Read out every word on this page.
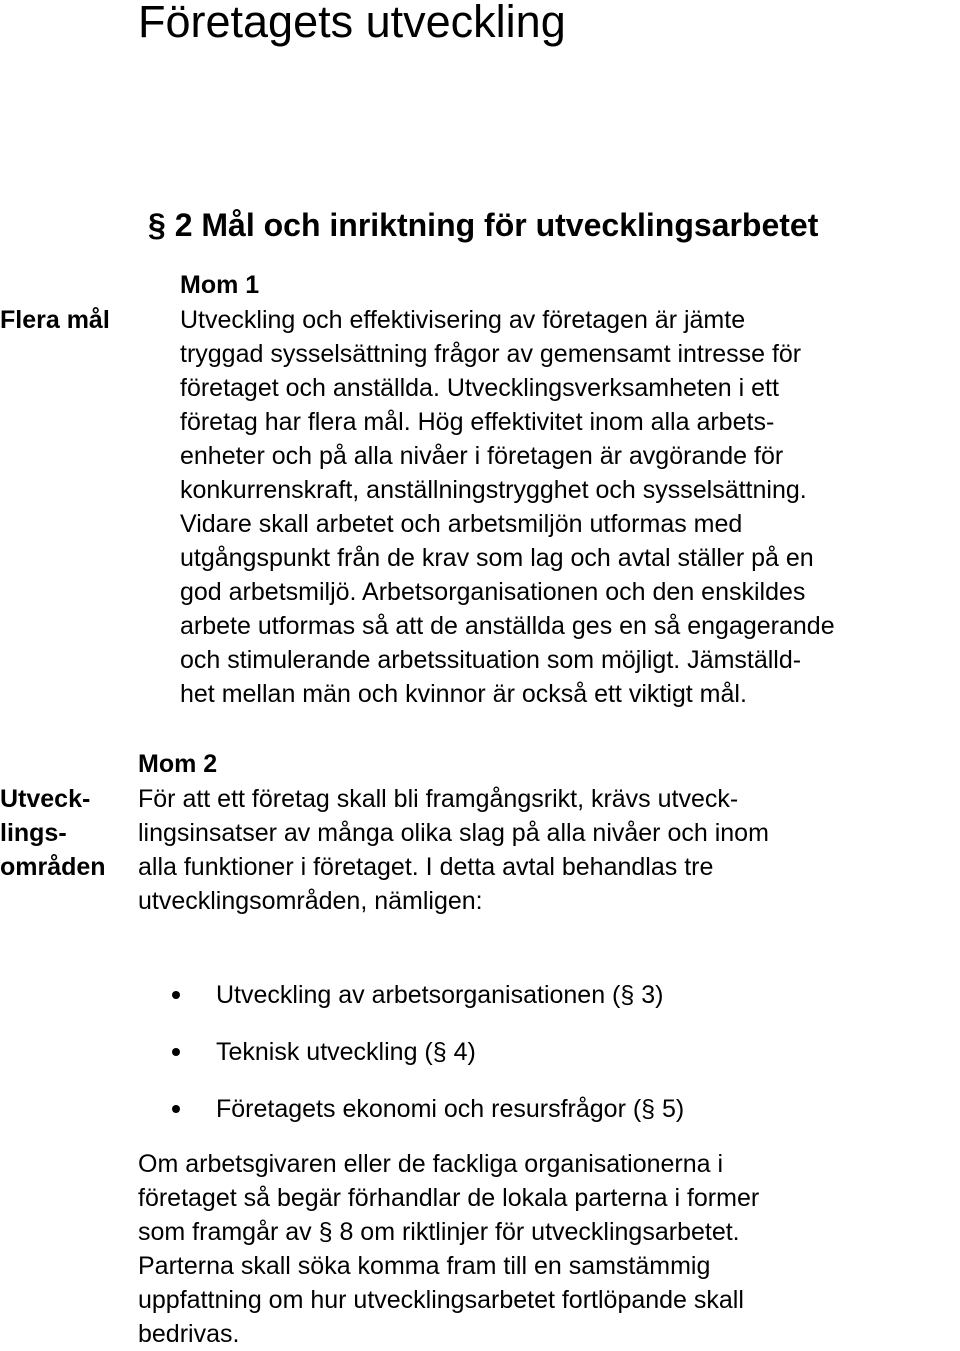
Företagets utveckling
§ 2 Mål och inriktning för utvecklingsarbetet
Flera mål
Mom 1
Utveckling och effektivisering av företagen är jämte
tryggad sysselsättning frågor av gemensamt intresse för
företaget och anställda. Utvecklingsverksamheten i ett
företag har flera mål. Hög effektivitet inom alla arbets-
enheter och på alla nivåer i företagen är avgörande för
konkurrenskraft, anställningstrygghet och sysselsättning.
Vidare skall arbetet och arbetsmiljön utformas med
utgångspunkt från de krav som lag och avtal ställer på en
god arbetsmiljö. Arbetsorganisationen och den enskildes
arbete utformas så att de anställda ges en så engagerande
och stimulerande arbetssituation som möjligt. Jämställd-
het mellan män och kvinnor är också ett viktigt mål.
Mom 2
Utveck-
lings-
områden
För att ett företag skall bli framgångsrikt, krävs utveck-
lingsinsatser av många olika slag på alla nivåer och inom
alla funktioner i företaget. I detta avtal behandlas tre
utvecklingsområden, nämligen:
Utveckling av arbetsorganisationen (§ 3)
Teknisk utveckling (§ 4)
Företagets ekonomi och resursfrågor (§ 5)
Om arbetsgivaren eller de fackliga organisationerna i
företaget så begär förhandlar de lokala parterna i former
som framgår av § 8 om riktlinjer för utvecklingsarbetet.
Parterna skall söka komma fram till en samstämmig
uppfattning om hur utvecklingsarbetet fortlöpande skall
bedrivas.
